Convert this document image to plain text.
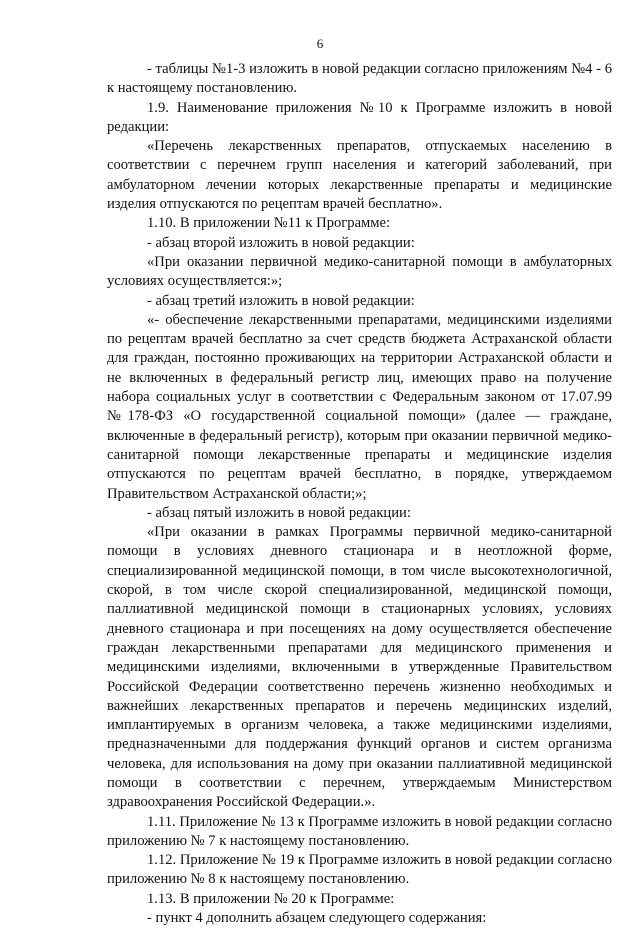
6

- таблицы №1-3 изложить в новой редакции согласно приложениям №4 - 6 к настоящему постановлению.

1.9. Наименование приложения №10 к Программе изложить в новой редакции:

«Перечень лекарственных препаратов, отпускаемых населению в соответствии с перечнем групп населения и категорий заболеваний, при амбулаторном лечении которых лекарственные препараты и медицинские изделия отпускаются по рецептам врачей бесплатно».

1.10. В приложении №11 к Программе:

- абзац второй изложить в новой редакции:

«При оказании первичной медико-санитарной помощи в амбулаторных условиях осуществляется:»;

- абзац третий изложить в новой редакции:

«- обеспечение лекарственными препаратами, медицинскими изделиями по рецептам врачей бесплатно за счет средств бюджета Астраханской области для граждан, постоянно проживающих на территории Астраханской области и не включенных в федеральный регистр лиц, имеющих право на получение набора социальных услуг в соответствии с Федеральным законом от 17.07.99 №178-ФЗ «О государственной социальной помощи» (далее — граждане, включенные в федеральный регистр), которым при оказании первичной медико-санитарной помощи лекарственные препараты и медицинские изделия отпускаются по рецептам врачей бесплатно, в порядке, утверждаемом Правительством Астраханской области;»;

- абзац пятый изложить в новой редакции:

«При оказании в рамках Программы первичной медико-санитарной помощи в условиях дневного стационара и в неотложной форме, специализированной медицинской помощи, в том числе высокотехнологичной, скорой, в том числе скорой специализированной, медицинской помощи, паллиативной медицинской помощи в стационарных условиях, условиях дневного стационара и при посещениях на дому осуществляется обеспечение граждан лекарственными препаратами для медицинского применения и медицинскими изделиями, включенными в утвержденные Правительством Российской Федерации соответственно перечень жизненно необходимых и важнейших лекарственных препаратов и перечень медицинских изделий, имплантируемых в организм человека, а также медицинскими изделиями, предназначенными для поддержания функций органов и систем организма человека, для использования на дому при оказании паллиативной медицинской помощи в соответствии с перечнем, утверждаемым Министерством здравоохранения Российской Федерации.».

1.11. Приложение № 13 к Программе изложить в новой редакции согласно приложению № 7 к настоящему постановлению.

1.12. Приложение № 19 к Программе изложить в новой редакции согласно приложению № 8 к настоящему постановлению.

1.13. В приложении № 20 к Программе:

- пункт 4 дополнить абзацем следующего содержания:
